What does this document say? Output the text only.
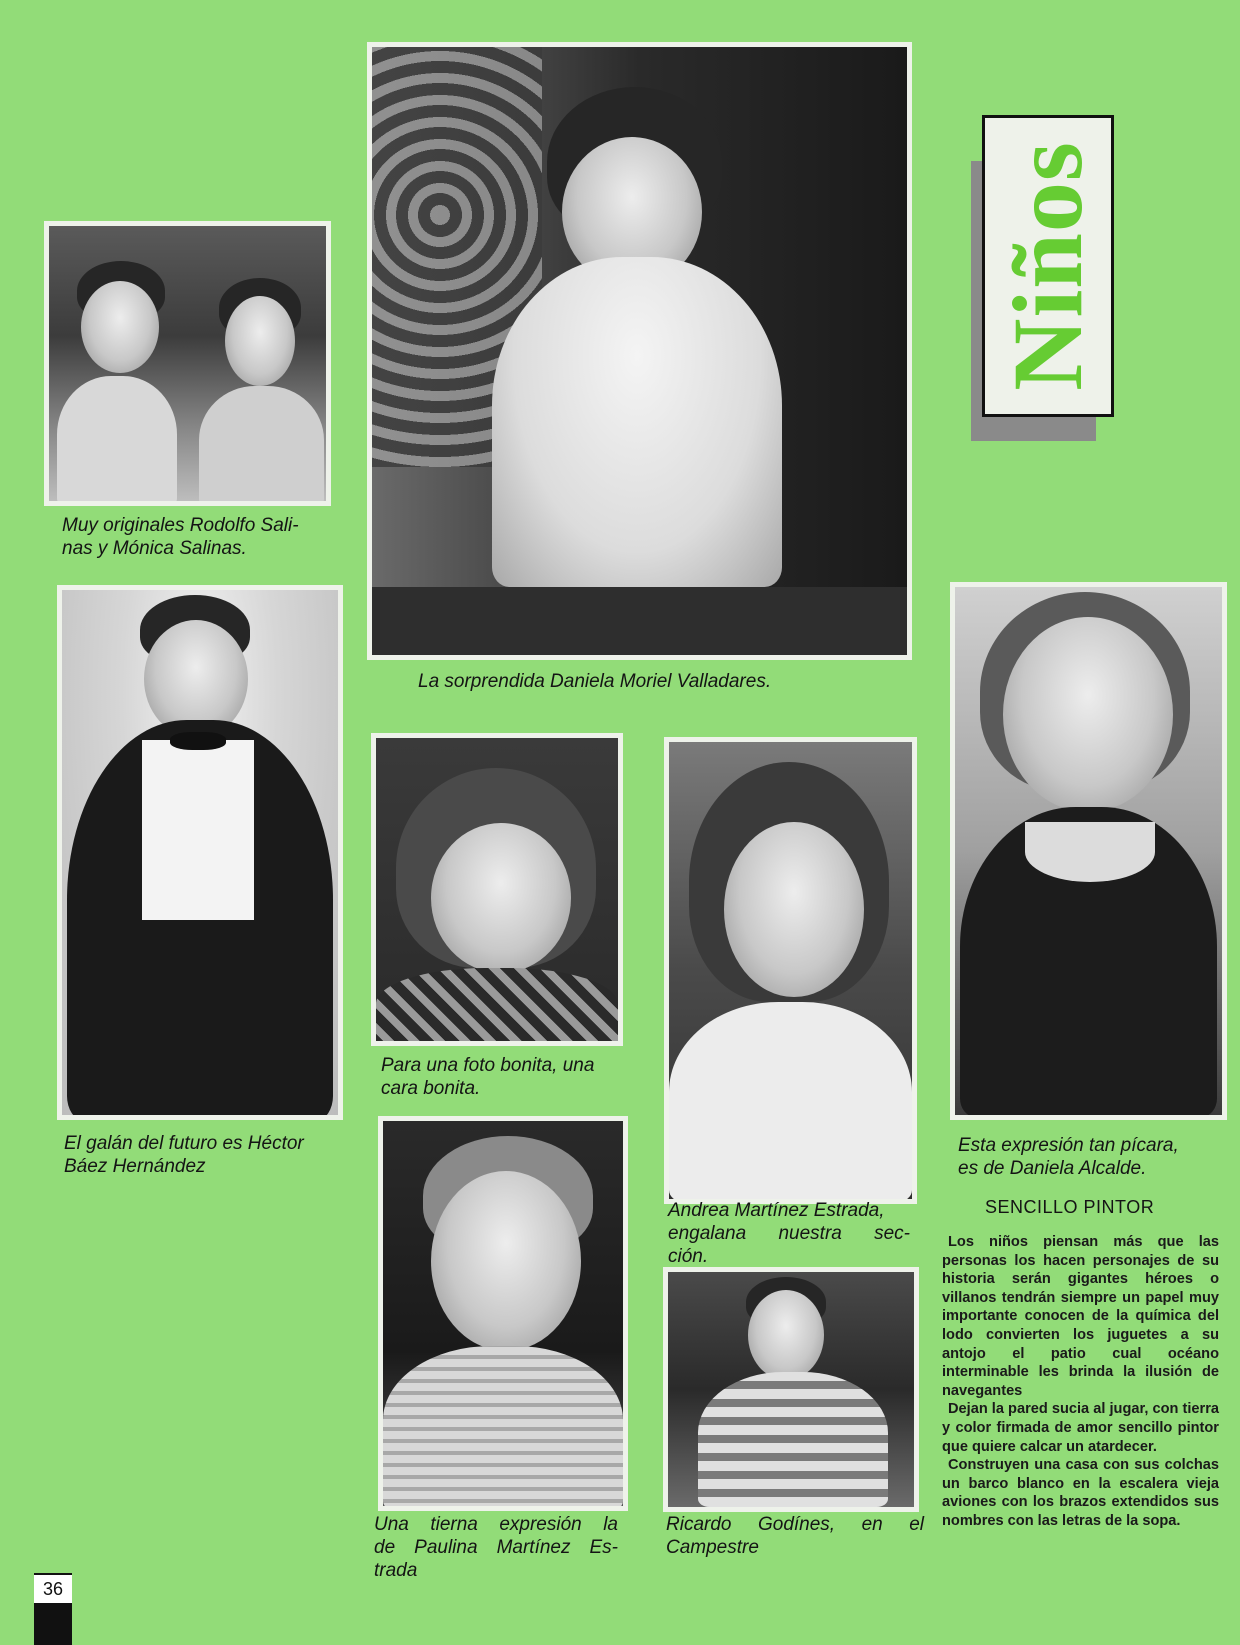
Niños
Muy originales Rodolfo Sali-
nas y Mónica Salinas.
La sorprendida Daniela Moriel Valladares.
El galán del futuro es Héctor
Báez Hernández
Para una foto bonita, una
cara bonita.
Andrea Martínez Estrada,
engalana nuestra sec-
ción.
Esta expresión tan pícara,
es de Daniela Alcalde.
Una tierna expresión la
de Paulina Martínez Es-
trada
Ricardo Godínes, en el
Campestre
SENCILLO PINTOR

Los niños piensan más que las personas los hacen personajes de su historia serán gigantes héroes o villanos tendrán siempre un papel muy importante conocen de la química del lodo convierten los juguetes a su antojo el patio cual océano interminable les brinda la ilusión de navegantes

Dejan la pared sucia al jugar, con tierra y color firmada de amor sencillo pintor que quiere calcar un atardecer.

Construyen una casa con sus colchas un barco blanco en la escalera vieja aviones con los brazos extendidos sus nombres con las letras de la sopa.

36
